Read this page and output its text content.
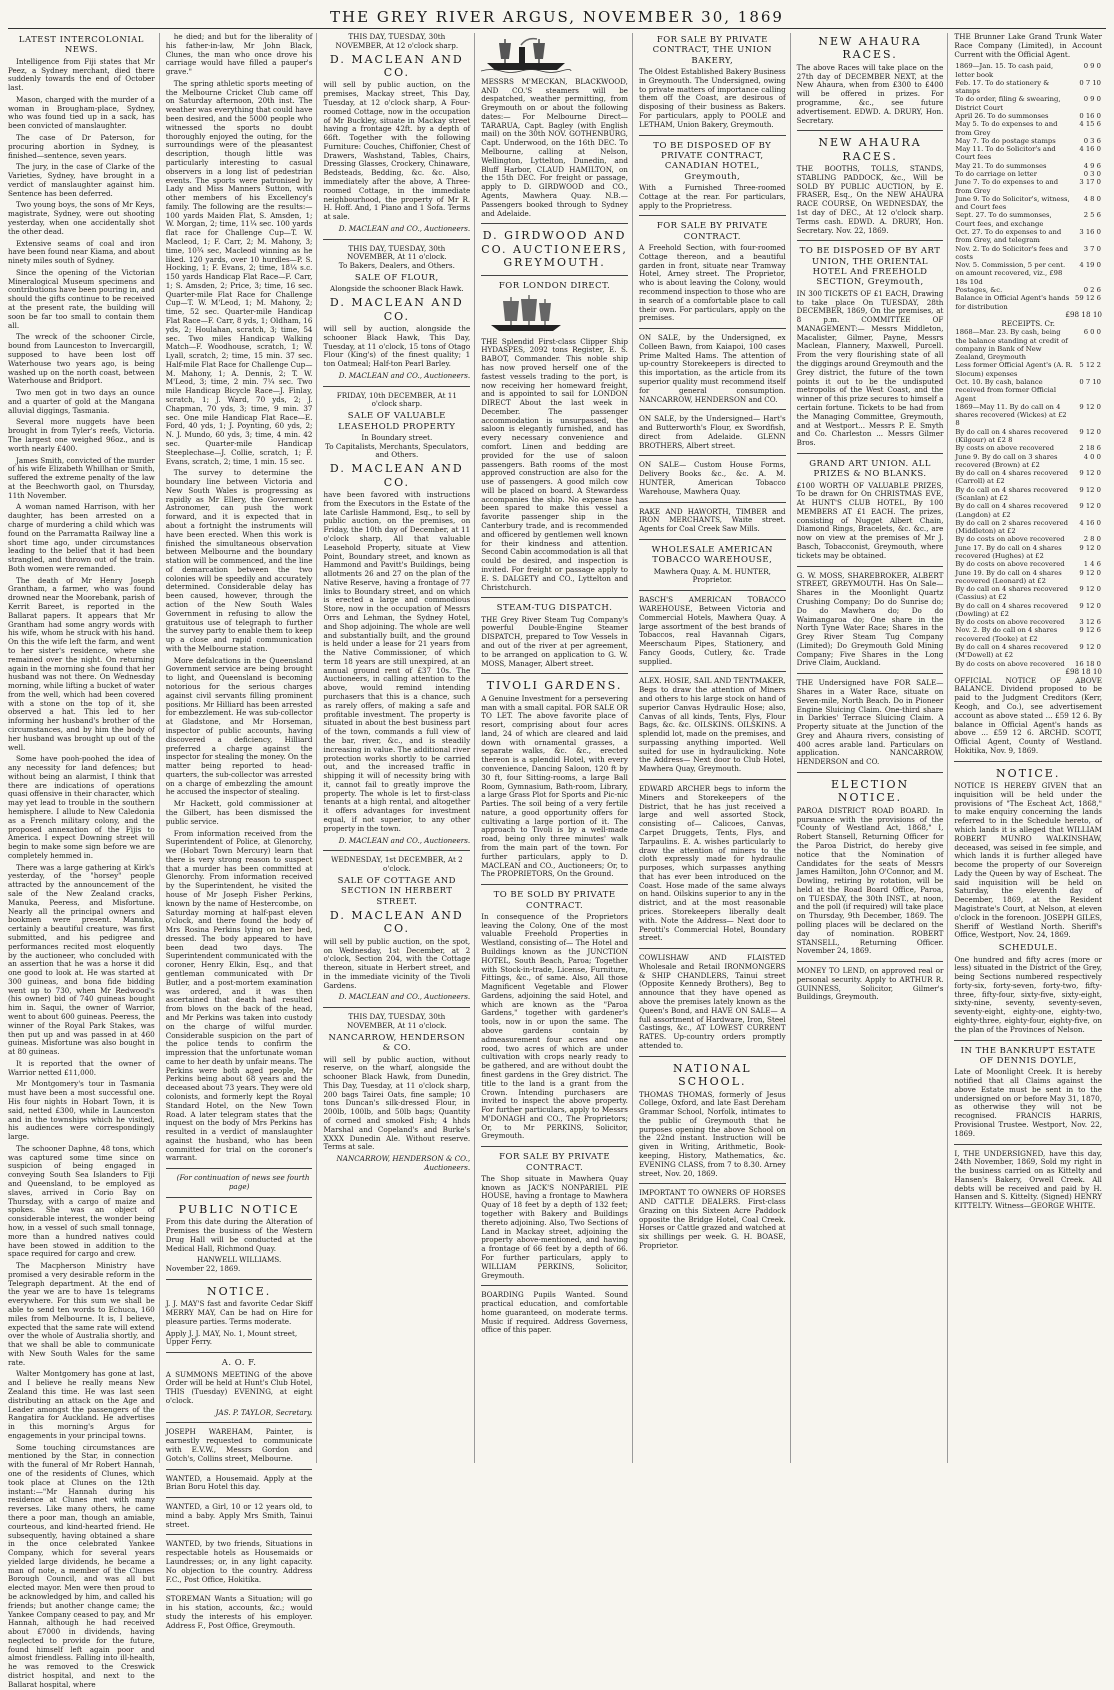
THE GREY RIVER ARGUS, NOVEMBER 30, 1869
LATEST INTERCOLONIAL NEWS.

Intelligence from Fiji states that Mr Peez, a Sydney merchant, died there suddenly towards the end of October last.

Mason, charged with the murder of a woman in Brougham-place, Sydney, who was found tied up in a sack, has been convicted of manslaughter.

The case of Dr Paterson, for procuring abortion in Sydney, is finished—sentence, seven years.

The jury, in the case of Clarke of the Varieties, Sydney, have brought in a verdict of manslaughter against him. Sentence has been deferred.

Two young boys, the sons of Mr Keys, magistrate, Sydney, were out shooting yesterday, when one accidentally shot the other dead.

Extensive seams of coal and iron have been found near Kiama, and about ninety miles south of Sydney.

Since the opening of the Victorian Mineralogical Museum specimens and contributions have been pouring in, and should the gifts continue to be received at the present rate, the building will soon be far too small to contain them all.

The wreck of the schooner Circle, bound from Launceston to Invercargill, supposed to have been lost off Waterhouse two years ago, is being washed up on the north coast, between Waterhouse and Bridport.

Two men got in two days an ounce and a quarter of gold at the Mangana alluvial diggings, Tasmania.

Several more nuggets have been brought in from Tyler's reefs, Victoria. The largest one weighed 96oz., and is worth nearly £400.

James Smith, convicted of the murder of his wife Elizabeth Whillhan or Smith, suffered the extreme penalty of the law at the Beechworth gaol, on Thursday, 11th November.

A woman named Harrison, with her daughter, has been arrested on a charge of murdering a child which was found on the Parramatta Railway line a short time ago, under circumstances leading to the belief that it had been strangled, and thrown out of the train. Both women were remanded.

The death of Mr Henry Joseph Grantham, a farmer, who was found drowned near the Moorebank, parish of Kerrit Bareet, is reported in the Ballarat papers. It appears that Mr Grantham had some angry words with his wife, whom he struck with his hand. On this the wife left the farm, and went to her sister's residence, where she remained over the night. On returning again in the morning she found that her husband was not there. On Wednesday morning, while lifting a bucket of water from the well, which had been covered with a stone on the top of it, she observed a hat. This led to her informing her husband's brother of the circumstances, and by him the body of her husband was brought up out of the well.

Some have pooh-poohed the idea of any necessity for land defences; but without being an alarmist, I think that there are indications of operations quasi offensive in their character, which may yet lead to trouble in the southern hemisphere. I allude to New Caledonia as a French military colony, and the proposed annexation of the Fijis to America. I expect Downing street will begin to make some sign before we are completely hemmed in.

There was a large gathering at Kirk's yesterday, of the "horsey" people attracted by the announcement of the sale of the New Zealand cracks, Manuka, Peeress, and Misfortune. Nearly all the principal owners and bookmen were present. Manuka, certainly a beautiful creature, was first submitted, and his pedigree and performances recited most eloquently by the auctioneer, who concluded with an assertion that he was a horse it did one good to look at. He was started at 300 guineas, and bona fide bidding went up to 730, when Mr Redwood's (his owner) bid of 740 guineas bought him in. Saqui, the owner of Warrior, went to about 600 guineas. Peeress, the winner of the Royal Park Stakes, was then put up and was passed in at 460 guineas. Misfortune was also bought in at 80 guineas.

It is reported that the owner of Warrior netted £11,000.

Mr Montgomery's tour in Tasmania must have been a most successful one. His four nights in Hobart Town, it is said, netted £300, while in Launceston and in the townships which he visited, his audiences were correspondingly large.

The schooner Daphne, 48 tons, which was captured some time since on suspicion of being engaged in conveying South Sea Islanders to Fiji and Queensland, to be employed as slaves, arrived in Corio Bay on Thursday, with a cargo of maize and spokes. She was an object of considerable interest, the wonder being how, in a vessel of such small tonnage, more than a hundred natives could have been stowed in addition to the space required for cargo and crew.

The Macpherson Ministry have promised a very desirable reform in the Telegraph department. At the end of the year we are to have 1s telegrams everywhere. For this sum we shall be able to send ten words to Echuca, 160 miles from Melbourne. It is, I believe, expected that the same rate will extend over the whole of Australia shortly, and that we shall be able to communicate with New South Wales for the same rate.

Walter Montgomery has gone at last, and I believe he really means New Zealand this time. He was last seen distributing an attack on the Age and Leader amongst the passengers of the Rangatira for Auckland. He advertises in this morning's Argus for engagements in your principal towns.

Some touching circumstances are mentioned by the Star, in connection with the funeral of Mr Robert Hannah, one of the residents of Clunes, which took place at Clunes on the 12th instant:—"Mr Hannah during his residence at Clunes met with many reverses. Like many others, he came there a poor man, though an amiable, courteous, and kind-hearted friend. He subsequently, having obtained a share in the once celebrated Yankee Company, which for several years yielded large dividends, he became a man of note, a member of the Clunes Borough Council, and was all but elected mayor. Men were then proud to be acknowledged by him, and called his friends; but another change came; the Yankee Company ceased to pay, and Mr Hannah, although he had received about £7000 in dividends, having neglected to provide for the future, found himself left again poor and almost friendless. Falling into ill-health, he was removed to the Creswick district hospital, and next to the Ballarat hospital, where

he died; and but for the liberality of his father-in-law, Mr John Black, Clunes, the man who once drove his carriage would have filled a pauper's grave."

The spring athletic sports meeting of the Melbourne Cricket Club came off on Saturday afternoon, 20th inst. The weather was everything that could have been desired, and the 5000 people who witnessed the sports no doubt thoroughly enjoyed the outing, for the surroundings were of the pleasantest description, though little was particularly interesting to casual observers in a long list of pedestrian events. The sports were patronised by Lady and Miss Manners Sutton, with other members of his Excellency's family. The following are the results:—100 yards Maiden Flat, S. Amsden, 1; W. Morgan, 2; time, 11¼ sec. 100 yards flat race for Challenge Cup—T. W. Macleod, 1; F. Carr, 2; M. Mahony, 3; time, 10¾ sec, Macleod winning as he liked. 120 yards, over 10 hurdles—P. S. Hocking, 1; F. Evans, 2; time, 18¼ s.c. 150 yards Handicap Flat Race—F. Carr, 1; S. Amsden, 2; Price, 3; time, 16 sec. Quarter-mile Flat Race for Challenge Cup—T. W. M'Leod, 1; M. Mahony, 2; time, 52 sec. Quarter-mile Handicap Flat Race—F. Carr, 8 yds, 1; Oldham, 16 yds, 2; Houlahan, scratch, 3; time, 54 sec. Two miles Handicap Walking Match—F. Woodhouse, scratch, 1; W. Lyall, scratch, 2; time, 15 min. 37 sec. Half-mile Flat Race for Challenge Cup—M. Mahony, 1; A. Dennis, 2; T. W. M'Leod, 3; time, 2 min. 7¼ sec. Two mile Handicap Bicycle Race—J. Finlay, scratch, 1; J. Ward, 70 yds, 2; J. Chapman, 70 yds, 3; time, 9 min. 37 sec. One mile Handicap Flat Race—E. Ford, 40 yds, 1; J. Poynting, 60 yds, 2; N. J. Mundo, 60 yds, 3; time, 4 min. 42 sec. Quarter-mile Handicap Steeplechase—J. Collie, scratch, 1; F. Evans, scratch, 2; time, 1 min. 15 sec.

The survey to determine the boundary line between Victoria and New South Wales is progressing as rapidly as Mr Ellery, the Government Astronomer, can push the work forward, and it is expected that in about a fortnight the instruments will have been erected. When this work is finished the simultaneous observation between Melbourne and the boundary station will be commenced, and the line of demarcation between the two colonies will be speedily and accurately determined. Considerable delay has been caused, however, through the action of the New South Wales Government in refusing to allow the gratuitous use of telegraph to further the survey party to enable them to keep up a close and rapid communication with the Melbourne station.

More defalcations in the Queensland Government service are being brought to light, and Queensland is becoming notorious for the serious charges against civil servants filling prominent positions. Mr Hilliard has been arrested for embezzlement. He was sub-collector at Gladstone, and Mr Horseman, inspector of public accounts, having discovered a deficiency, Hilliard preferred a charge against the inspector for stealing the money. On the matter being reported to head-quarters, the sub-collector was arrested on a charge of embezzling the amount he accused the inspector of stealing.

Mr Hackett, gold commissioner at the Gilbert, has been dismissed the public service.

From information received from the Superintendent of Police, at Glenorchy, we (Hobart Town Mercury) learn that there is very strong reason to suspect that a murder has been committed at Glenorchy. From information received by the Superintendent, he visited the house of Mr Joseph Fisher Perkins, known by the name of Hestercombe, on Saturday morning at half-past eleven o'clock, and there found the body of Mrs Rosina Perkins lying on her bed, dressed. The body appeared to have been dead two days. The Superintendent communicated with the coroner, Henry Elkin, Esq., and that gentleman communicated with Dr Butler, and a post-mortem examination was ordered, and it was then ascertained that death had resulted from blows on the back of the head, and Mr Perkins was taken into custody on the charge of wilful murder. Considerable suspicion on the part of the police tends to confirm the impression that the unfortunate woman came to her death by unfair means. The Perkins were both aged people, Mr Perkins being about 68 years and the deceased about 73 years. They were old colonists, and formerly kept the Royal Standard Hotel, on the New Town Road. A later telegram states that the inquest on the body of Mrs Perkins has resulted in a verdict of manslaughter against the husband, who has been committed for trial on the coroner's warrant.

(For continuation of news see fourth page)

PUBLIC NOTICE

From this date during the Alteration of Premises the business of the Western Drug Hall will be conducted at the Medical Hall, Richmond Quay.

HANWELL WILLIAMS.
November 22, 1869.
NOTICE.

J. J. MAY'S fast and favorite Cedar Skiff MERRY MAY, Can be had on Hire for pleasure parties. Terms moderate.

Apply J. J. MAY, No. 1, Mount street, Upper Ferry.
A. O. F.

A SUMMONS MEETING of the above Order will be held at Hunt's Club Hotel, THIS (Tuesday) EVENING, at eight o'clock.

JAS. P. TAYLOR, Secretary.

JOSEPH WAREHAM, Painter, is earnestly requested to communicate with E.V.W., Messrs Gordon and Gotch's, Collins street, Melbourne.

WANTED, a Housemaid. Apply at the Brian Boru Hotel this day.

WANTED, a Girl, 10 or 12 years old, to mind a baby. Apply Mrs Smith, Tainui street.

WANTED, by two friends, Situations in respectable hotels as Housemaids or Laundresses; or, in any light capacity. No objection to the country. Address F.C., Post Office, Hokitika.

STOREMAN Wants a Situation; will go in his station, accounts, &c.; would study the interests of his employer. Address F., Post Office, Greymouth.

THIS DAY, TUESDAY, 30th NOVEMBER, At 12 o'clock sharp.
D. MACLEAN AND CO.

will sell by public auction, on the premises, Mackay street, This Day, Tuesday, at 12 o'clock sharp, A Four-roomed Cottage, now in the occupation of Mr Buckley, situate in Mackay street having a frontage 42ft. by a depth of 66ft. Together with the following Furniture: Couches, Chiffonier, Chest of Drawers, Washstand, Tables, Chairs, Dressing Glasses, Crockery, Chinaware, Bedsteads, Bedding, &c. &c. Also, immediately after the above, A Three-roomed Cottage, in the immediate neighbourhood, the property of Mr R. H. Hoff. And, 1 Piano and 1 Sofa. Terms at sale.

D. MACLEAN and CO., Auctioneers.
THIS DAY, TUESDAY, 30th NOVEMBER, At 11 o'clock.
To Bakers, Dealers, and Others.
SALE OF FLOUR,
Alongside the schooner Black Hawk.
D. MACLEAN AND CO.

will sell by auction, alongside the schooner Black Hawk, This Day, Tuesday, at 11 o'clock, 15 tons of Otago Flour (King's) of the finest quality; 1 ton Oatmeal; Half-ton Pearl Barley.

D. MACLEAN and CO., Auctioneers.
FRIDAY, 10th DECEMBER, At 11 o'clock sharp.
SALE OF VALUABLE LEASEHOLD PROPERTY
In Boundary street.
To Capitalists, Merchants, Speculators, and Others.
D. MACLEAN AND CO.

have been favored with instructions from the Executors in the Estate of the late Carlisle Hammond, Esq., to sell by public auction, on the premises, on Friday, the 10th day of December, at 11 o'clock sharp, All that valuable Leasehold Property, situate at View Point, Boundary street, and known as Hammond and Pavitt's Buildings, being allotments 26 and 27 on the plan of the Native Reserve, having a frontage of 77 links to Boundary street, and on which is erected a large and commodious Store, now in the occupation of Messrs Orrs and Lehman, the Sydney Hotel, and Shop adjoining. The whole are well and substantially built, and the ground is held under a lease for 21 years from the Native Commissioner, of which term 18 years are still unexpired, at an annual ground rent of £37 10s. The Auctioneers, in calling attention to the above, would remind intending purchasers that this is a chance, such as rarely offers, of making a safe and profitable investment. The property is situated in about the best business part of the town, commands a full view of the bar, river, &c., and is steadily increasing in value. The additional river protection works shortly to be carried out, and the increased traffic in shipping it will of necessity bring with it, cannot fail to greatly improve the property. The whole is let to first-class tenants at a high rental, and altogether it offers advantages for investment equal, if not superior, to any other property in the town.

D. MACLEAN and CO., Auctioneers.
WEDNESDAY, 1st DECEMBER, At 2 o'clock.
SALE OF COTTAGE AND SECTION IN HERBERT STREET.
D. MACLEAN AND CO.

will sell by public auction, on the spot, on Wednesday, 1st December, at 2 o'clock, Section 204, with the Cottage thereon, situate in Herbert street, and in the immediate vicinity of the Tivoli Gardens.

D. MACLEAN and CO., Auctioneers.
THIS DAY, TUESDAY, 30th NOVEMBER, At 11 o'clock.
NANCARROW, HENDERSON & CO.

will sell by public auction, without reserve, on the wharf, alongside the schooner Black Hawk, from Dunedin, This Day, Tuesday, at 11 o'clock sharp, 200 bags Tairei Oats, fine sample; 10 tons Duncan's silk-dressed Flour, in 200lb, 100lb, and 50lb bags; Quantity of corned and smoked Fish; 4 hhds Marshal and Copeland's and Burke's XXXX Dunedin Ale. Without reserve. Terms at sale.

NANCARROW, HENDERSON & CO., Auctioneers.

MESSRS M'MECKAN, BLACKWOOD, AND CO.'S steamers will be despatched, weather permitting, from Greymouth on or about the following dates:— For Melbourne Direct— TARARUA, Capt. Bagley (with English mail) on the 30th NOV. GOTHENBURG, Capt. Underwood, on the 16th DEC. To Melbourne, calling at Nelson, Wellington, Lyttelton, Dunedin, and Bluff Harbor, CLAUD HAMILTON, on the 15th DEC. For freight or passage, apply to D. GIRDWOOD and CO., Agents, Mawhera Quay. N.B.—Passengers booked through to Sydney and Adelaide.

D. GIRDWOOD AND CO. AUCTIONEERS, GREYMOUTH.
FOR LONDON DIRECT.

THE Splendid First-class Clipper Ship HYDASPES, 2092 tons Register, E. S. BABOT, Commander. This noble ship has now proved herself one of the fastest vessels trading to the port, is now receiving her homeward freight, and is appointed to sail for LONDON DIRECT About the last week in December. The passenger accommodation is unsurpassed, the saloon is elegantly furnished, and has every necessary convenience and comfort. Linen and bedding are provided for the use of saloon passengers. Bath rooms of the most approved construction are also for the use of passengers. A good milch cow will be placed on board. A Stewardess accompanies the ship. No expense has been spared to make this vessel a favorite passenger ship in the Canterbury trade, and is recommended and officered by gentlemen well known for their kindness and attention. Second Cabin accommodation is all that could be desired, and inspection is invited. For freight or passage apply to E. S. DALGETY and CO., Lyttelton and Christchurch.

STEAM-TUG DISPATCH.

THE Grey River Steam Tug Company's powerful Double-Engine Steamer DISPATCH, prepared to Tow Vessels in and out of the river at per agreement, to be arranged on application to G. W. MOSS, Manager, Albert street.

TIVOLI GARDENS.

A Genuine Investment for a persevering man with a small capital. FOR SALE OR TO LET. The above favorite place of resort, comprising about four acres land, 24 of which are cleared and laid down with ornamental grasses, a separate walks, &c. &c., erected thereon is a splendid Hotel, with every convenience, Dancing Saloon, 120 ft by 30 ft, four Sitting-rooms, a large Ball Room, Gymnasium, Bath-room, Library, a large Grass Plot for Sports and Pic-nic Parties. The soil being of a very fertile nature, a good opportunity offers for cultivating a large portion of it. The approach to Tivoli is by a well-made road, being only three minutes' walk from the main part of the town. For further particulars, apply to D. MACLEAN and CO., Auctioneers; Or, to The PROPRIETORS, On the Ground.

TO BE SOLD BY PRIVATE CONTRACT.

In consequence of the Proprietors leaving the Colony, One of the most valuable Freehold Properties in Westland, consisting of— The Hotel and Buildings known as the JUNCTION HOTEL, South Beach, Paroa; Together with Stock-in-trade, License, Furniture, Fittings, &c., of same. Also, All those Magnificent Vegetable and Flower Gardens, adjoining the said Hotel, and which are known as the "Paroa Gardens," together with gardener's tools, now in or upon the same. The above gardens contain by admeasurement four acres and one rood, two acres of which are under cultivation with crops nearly ready to be gathered, and are without doubt the finest gardens in the Grey district. The title to the land is a grant from the Crown. Intending purchasers are invited to inspect the above property. For further particulars, apply to Messrs M'DONAGH and CO., The Proprietors; Or, to Mr PERKINS, Solicitor, Greymouth.

FOR SALE BY PRIVATE CONTRACT.

The Shop situate in Mawhera Quay known as JACK'S NONPARIEL PIE HOUSE, having a frontage to Mawhera Quay of 18 feet by a depth of 132 feet; together with Bakery and Buildings thereto adjoining. Also, Two Sections of Land in Mackay street, adjoining the property above-mentioned, and having a frontage of 66 feet by a depth of 66. For further particulars, apply to WILLIAM PERKINS, Solicitor, Greymouth.

BOARDING Pupils Wanted. Sound practical education, and comfortable home guaranteed, on moderate terms. Music if required. Address Governess, office of this paper.

FOR SALE BY PRIVATE CONTRACT, THE UNION BAKERY,

The Oldest Established Bakery Business in Greymouth. The Undersigned, owing to private matters of importance calling them off the Coast, are desirous of disposing of their business as Bakers. For particulars, apply to POOLE and LETHAM, Union Bakery, Greymouth.

TO BE DISPOSED OF BY PRIVATE CONTRACT, CANADIAN HOTEL, Greymouth,

With a Furnished Three-roomed Cottage at the rear. For particulars, apply to the Proprietress.

FOR SALE BY PRIVATE CONTRACT.

A Freehold Section, with four-roomed Cottage thereon, and a beautiful garden in front, situate near Tramway Hotel, Arney street. The Proprietor, who is about leaving the Colony, would recommend inspection to those who are in search of a comfortable place to call their own. For particulars, apply on the premises.

ON SALE, by the Undersigned, ex Colleen Bawn, from Kaiapoi, 100 cases Prime Malted Hams. The attention of up-country Storekeepers is directed to this importation, as the article from its superior quality must recommend itself for general consumption. NANCARROW, HENDERSON and CO.

ON SALE, by the Undersigned— Hart's and Butterworth's Flour, ex Swordfish, direct from Adelaide. GLENN BROTHERS, Albert street.

ON SALE— Custom House Forms, Delivery Books &c., &c. A. M. HUNTER, American Tobacco Warehouse, Mawhera Quay.

RAKE AND HAWORTH, TIMBER and IRON MERCHANTS, Waite street. Agents for Coal Creek Saw Mills.

WHOLESALE AMERICAN TOBACCO WAREHOUSE,

Mawhera Quay. A. M. HUNTER, Proprietor.

BASCH'S AMERICAN TOBACCO WAREHOUSE, Between Victoria and Commercial Hotels, Mawhera Quay. A large assortment of the best brands of Tobaccos, real Havannah Cigars, Meerschaum Pipes, Stationery, and Fancy Goods, Cutlery, &c. Trade supplied.

ALEX. HOSIE, SAIL AND TENTMAKER, Begs to draw the attention of Miners and others to his large stock on hand of superior Canvas Hydraulic Hose; also, Canvas of all kinds, Tents, Flys, Flour Bags, &c. &c. OILSKINS. OILSKINS. A splendid lot, made on the premises, and surpassing anything imported. Well suited for use in hydraulicking. Note the Address— Next door to Club Hotel, Mawhera Quay, Greymouth.

EDWARD ARCHER begs to inform the Miners and Storekeepers of the District, that he has just received a large and well assorted Stock, consisting of— Calicoes, Canvas, Carpet Druggets, Tents, Flys, and Tarpaulins. E. A. wishes particularly to draw the attention of miners to the cloth expressly made for hydraulic purposes, which surpasses anything that has ever been introduced on the Coast. Hose made of the same always on hand. Oilskins superior to any in the district, and at the most reasonable prices. Storekeepers liberally dealt with. Note the Address— Next door to Perotti's Commercial Hotel, Boundary street.

COWLISHAW AND FLAISTED Wholesale and Retail IRONMONGERS & SHIP CHANDLERS, Tainui street (Opposite Kennedy Brothers), Beg to announce that they have opened as above the premises lately known as the Queen's Bond, and HAVE ON SALE— A full assortment of Hardware, Iron, Steel Castings, &c., AT LOWEST CURRENT RATES. Up-country orders promptly attended to.

NATIONAL SCHOOL.

THOMAS THOMAS, formerly of Jesus College, Oxford, and late East Dereham Grammar School, Norfolk, intimates to the public of Greymouth that he purposes opening the above School on the 22nd instant. Instruction will be given in Writing, Arithmetic, Book-keeping, History, Mathematics, &c. EVENING CLASS, from 7 to 8.30. Arney street, Nov. 20, 1869.

IMPORTANT TO OWNERS OF HORSES AND CATTLE DEALERS. First-class Grazing on this Sixteen Acre Paddock opposite the Bridge Hotel, Coal Creek. Horses or Cattle grazed and watched at six shillings per week. G. H. BOASE, Proprietor.

NEW AHAURA RACES.

The above Races will take place on the 27th day of DECEMBER NEXT, at the New Ahaura, when from £300 to £400 will be offered in prizes. For programme, &c., see future advertisement. EDWD. A. DRURY, Hon. Secretary.

NEW AHAURA RACES.

THE BOOTHS, TOLLS, STANDS, STABLING PADDOCK, &c., Will be SOLD BY PUBLIC AUCTION, by E. FRASER, Esq., On the NEW AHAURA RACE COURSE, On WEDNESDAY, the 1st day of DEC., At 12 o'clock sharp. Terms cash. EDWD. A. DRURY, Hon. Secretary. Nov. 22, 1869.

TO BE DISPOSED OF BY ART UNION, THE ORIENTAL HOTEL And FREEHOLD SECTION, Greymouth,

IN 300 TICKETS OF £1 EACH, Drawing to take place On TUESDAY, 28th DECEMBER, 1869, On the premises, at 8 p.m. COMMITTEE OF MANAGEMENT:— Messrs Middleton, Macalister, Gilmer, Payne, Messrs Maclean, Flannery, Maxwell, Purcell. From the very flourishing state of all the diggings around Greymouth and the Grey district, the future of the town points it out to be the undisputed metropolis of the West Coast, and the winner of this prize secures to himself a certain fortune. Tickets to be had from the Managing Committee, Greymouth, and at Westport... Messrs P. E. Smyth and Co. Charleston ... Messrs Gilmer Bros.

GRAND ART UNION. ALL PRIZES & NO BLANKS.

£100 WORTH OF VALUABLE PRIZES, To be drawn for On CHRISTMAS EVE, At HUNT'S CLUB HOTEL, By 100 MEMBERS AT £1 EACH. The prizes, consisting of Nugget Albert Chain, Diamond Rings, Bracelets, &c. &c., are now on view at the premises of Mr J. Basch, Tobacconist, Greymouth, where tickets may be obtained.

G. W. MOSS, SHAREBROKER, ALBERT STREET, GREYMOUTH. Has On Sale— Shares in the Moonlight Quartz Crushing Company; Do do Sunrise do; Do do Mawhera do; Do do Waimangaroa do; One share in the North Tyne Water Race; Shares in the Grey River Steam Tug Company (Limited); Do Greymouth Gold Mining Company; Five Shares in the Long Drive Claim, Auckland.

THE Undersigned have FOR SALE— Shares in a Water Race, situate on Seven-mile, North Beach. Do in Pioneer Engine Sluicing Claim. One-third share in Darkies' Terrace Sluicing Claim. A Property situate at the Junction of the Grey and Ahaura rivers, consisting of 400 acres arable land. Particulars on application. NANCARROW, HENDERSON and CO.

ELECTION NOTICE.

PAROA DISTRICT ROAD BOARD. In pursuance with the provisions of the "County of Westland Act, 1868," I, Robert Stansell, Returning Officer for the Paroa District, do hereby give notice that the Nomination of Candidates for the seats of Messrs James Hamilton, John O'Connor, and M. Dowling, retiring by rotation, will be held at the Road Board Office, Paroa, on TUESDAY, the 30th INST., at noon, and the poll (if required) will take place on Thursday, 9th December, 1869. The polling places will be declared on the day of nomination. ROBERT STANSELL, Returning Officer. November 24, 1869.

MONEY TO LEND, on approved real or personal security. Apply to ARTHUR R. GUINNESS, Solicitor, Gilmer's Buildings, Greymouth.

THE Brunner Lake Grand Trunk Water Race Company (Limited), in Account Current with the Official Agent.

1869—Jan. 15. To cash paid, letter book	0 9 0
Feb. 17. To do stationery & stamps	0 7 10
To do order, filing & swearing, District Court	0 9 0
April 26. To do summonses	0 16 0
May 5. To do expenses to and from Grey	4 15 6
May 7. To do postage stamps	0 3 6
May 11. To do Solicitor's and Court fees	4 16 0
May 21. To do summonses	4 9 6
To do carriage on letter	0 3 0
June 7. To do expenses to and from Grey	3 17 0
June 9. To do Solicitor's, witness, and Court fees	4 8 0
Sept. 27. To do summonses, Court fees, and exchange	2 5 6
Oct. 27. To do expenses to and from Grey, and telegram	3 16 0
Nov. 2. To do Solicitor's fees and costs	3 7 0
Nov. 5. Commission, 5 per cent. on amount recovered, viz., £98 18s 10d	4 19 0
Postages, &c.	0 2 6
Balance in Official Agent's hands for distribution	59 12 6
£98 18 10
RECEIPTS. Cr.
1868—Mar. 23. By cash, being the balance standing at credit of company in Bank of New Zealand, Greymouth	6 0 0
Less former Official Agent's (A. R. Slocum) expenses	5 12 2
Oct. 10. By cash, balance received from former Official Agent	0 7 10
1869—May 11. By do call on 4 shares recovered (Wickes) at £2 8	9 12 0
By do call on 4 shares recovered (Kilgour) at £2 8	9 12 0
By costs on above recovered	2 18 6
June 9. By do call on 3 shares recovered (Brown) at £2	4 0 0
By do call on 4 shares recovered (Carroll) at £2	9 12 0
By do call on 4 shares recovered (Scanlan) at £2	9 12 0
By do call on 4 shares recovered (Langdon) at £2	9 12 0
By do call on 2 shares recovered (Middleton) at £2	4 16 0
By do costs on above recovered	2 8 0
June 17. By do call on 4 shares recovered (Hughes) at £2	9 12 0
By do costs on above recovered	1 4 6
June 19. By do call on 4 shares recovered (Leonard) at £2	9 12 0
By do call on 4 shares recovered (Cassius) at £2	9 12 0
By do call on 4 shares recovered (Dowling) at £2	9 12 0
By do costs on above recovered	3 12 6
Nov. 2. By do call on 4 shares recovered (Tooke) at £2	9 12 6
By do call on 4 shares recovered (M'Dowell) at £2	9 12 0
By do costs on above recovered	16 18 0
£98 18 10

OFFICIAL NOTICE OF ABOVE BALANCE. Dividend proposed to be paid to the Judgment Creditors (Kerr, Keogh, and Co.), see advertisement account as above stated ... £59 12 6. By balance in Official Agent's hands as above ... £59 12 6. ARCHD. SCOTT, Official Agent, County of Westland. Hokitika, Nov. 9, 1869.

NOTICE.

NOTICE IS HEREBY GIVEN that an inquisition will be held under the provisions of "The Escheat Act, 1868," to make enquiry concerning the lands referred to in the Schedule hereto, of which lands it is alleged that WILLIAM ROBERT MUNRO WALKINSHAW, deceased, was seised in fee simple, and which lands it is further alleged have become the property of our Sovereign Lady the Queen by way of Escheat. The said inquisition will be held on Saturday, the eleventh day of December, 1869, at the Resident Magistrate's Court, at Nelson, at eleven o'clock in the forenoon. JOSEPH GILES, Sheriff of Westland North. Sheriff's Office, Westport, Nov. 24, 1869.

SCHEDULE.

One hundred and fifty acres (more or less) situated in the District of the Grey, being Sections numbered respectively forty-six, forty-seven, forty-two, fifty-three, fifty-four, sixty-five, sixty-eight, sixty-nine, seventy, seventy-seven, seventy-eight, eighty-one, eighty-two, eighty-three, eighty-four, eighty-five, on the plan of the Provinces of Nelson.

IN THE BANKRUPT ESTATE OF DENNIS DOYLE,

Late of Moonlight Creek. It is hereby notified that all Claims against the above Estate must be sent in to the undersigned on or before May 31, 1870, as otherwise they will not be recognised. FRANCIS HARRIS, Provisional Trustee. Westport, Nov. 22, 1869.

I, THE UNDERSIGNED, have this day, 24th November, 1869, Sold my right in the business carried on as Kittelty and Hansen's Bakery, Orwell Creek. All debts will be received and paid by H. Hansen and S. Kittelty. (Signed) HENRY KITTELTY. Witness—GEORGE WHITE.
